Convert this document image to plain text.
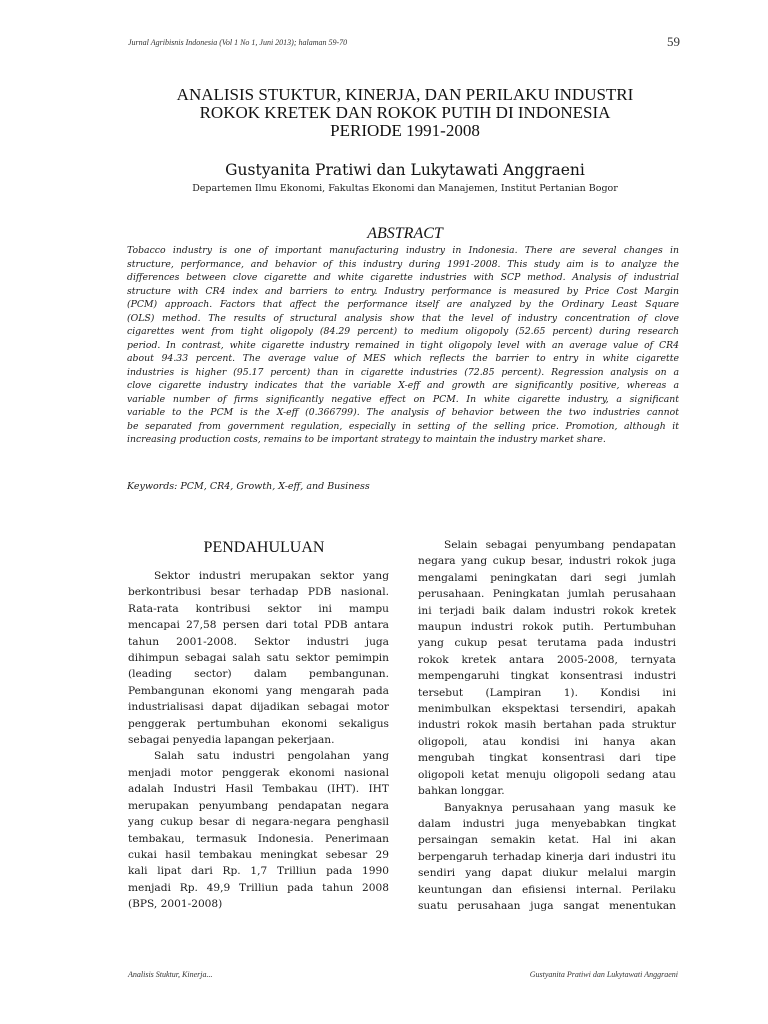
Jurnal Agribisnis Indonesia (Vol 1 No 1, Juni 2013); halaman 59-70	59
ANALISIS STUKTUR, KINERJA, DAN PERILAKU INDUSTRI
ROKOK KRETEK DAN ROKOK PUTIH DI INDONESIA
PERIODE 1991-2008
Gustyanita Pratiwi dan Lukytawati Anggraeni
Departemen Ilmu Ekonomi, Fakultas Ekonomi dan Manajemen, Institut Pertanian Bogor
ABSTRACT
Tobacco industry is one of important manufacturing industry in Indonesia. There are several changes in
structure, performance, and behavior of this industry during 1991-2008. This study aim is to analyze the
differences between clove cigarette and white cigarette industries with SCP method. Analysis of industrial
structure with CR4 index and barriers to entry. Industry performance is measured by Price Cost Margin
(PCM) approach. Factors that affect the performance itself are analyzed by the Ordinary Least Square
(OLS) method. The results of structural analysis show that the level of industry concentration of clove
cigarettes went from tight oligopoly (84.29 percent) to medium oligopoly (52.65 percent) during research
period. In contrast, white cigarette industry remained in tight oligopoly level with an average value of CR4
about 94.33 percent. The average value of MES which reflects the barrier to entry in white cigarette
industries is higher (95.17 percent) than in cigarette industries (72.85 percent). Regression analysis on a
clove cigarette industry indicates that the variable X-eff and growth are significantly positive, whereas a
variable number of firms significantly negative effect on PCM. In white cigarette industry, a significant
variable to the PCM is the X-eff (0.366799). The analysis of behavior between the two industries cannot
be separated from government regulation, especially in setting of the selling price. Promotion, although it
increasing production costs, remains to be important strategy to maintain the industry market share.
Keywords: PCM, CR4, Growth, X-eff, and Business
PENDAHULUAN
Sektor industri merupakan sektor yang
berkontribusi besar terhadap PDB nasional.
Rata-rata kontribusi sektor ini mampu
mencapai 27,58 persen dari total PDB antara
tahun 2001-2008. Sektor industri juga
dihimpun sebagai salah satu sektor pemimpin
(leading sector) dalam pembangunan.
Pembangunan ekonomi yang mengarah pada
industrialisasi dapat dijadikan sebagai motor
penggerak pertumbuhan ekonomi sekaligus
sebagai penyedia lapangan pekerjaan.
Salah satu industri pengolahan yang
menjadi motor penggerak ekonomi nasional
adalah Industri Hasil Tembakau (IHT). IHT
merupakan penyumbang pendapatan negara
yang cukup besar di negara-negara penghasil
tembakau, termasuk Indonesia. Penerimaan
cukai hasil tembakau meningkat sebesar 29
kali lipat dari Rp. 1,7 Trilliun pada 1990
menjadi Rp. 49,9 Trilliun pada tahun 2008
(BPS, 2001-2008)
Selain sebagai penyumbang pendapatan
negara yang cukup besar, industri rokok juga
mengalami peningkatan dari segi jumlah
perusahaan. Peningkatan jumlah perusahaan
ini terjadi baik dalam industri rokok kretek
maupun industri rokok putih. Pertumbuhan
yang cukup pesat terutama pada industri
rokok kretek antara 2005-2008, ternyata
mempengaruhi tingkat konsentrasi industri
tersebut (Lampiran 1). Kondisi ini
menimbulkan ekspektasi tersendiri, apakah
industri rokok masih bertahan pada struktur
oligopoli, atau kondisi ini hanya akan
mengubah tingkat konsentrasi dari tipe
oligopoli ketat menuju oligopoli sedang atau
bahkan longgar.
Banyaknya perusahaan yang masuk ke
dalam industri juga menyebabkan tingkat
persaingan semakin ketat. Hal ini akan
berpengaruh terhadap kinerja dari industri itu
sendiri yang dapat diukur melalui margin
keuntungan dan efisiensi internal. Perilaku
suatu perusahaan juga sangat menentukan
Analisis Stuktur, Kinerja...	Gustyanita Pratiwi dan Lukytawati Anggraeni
